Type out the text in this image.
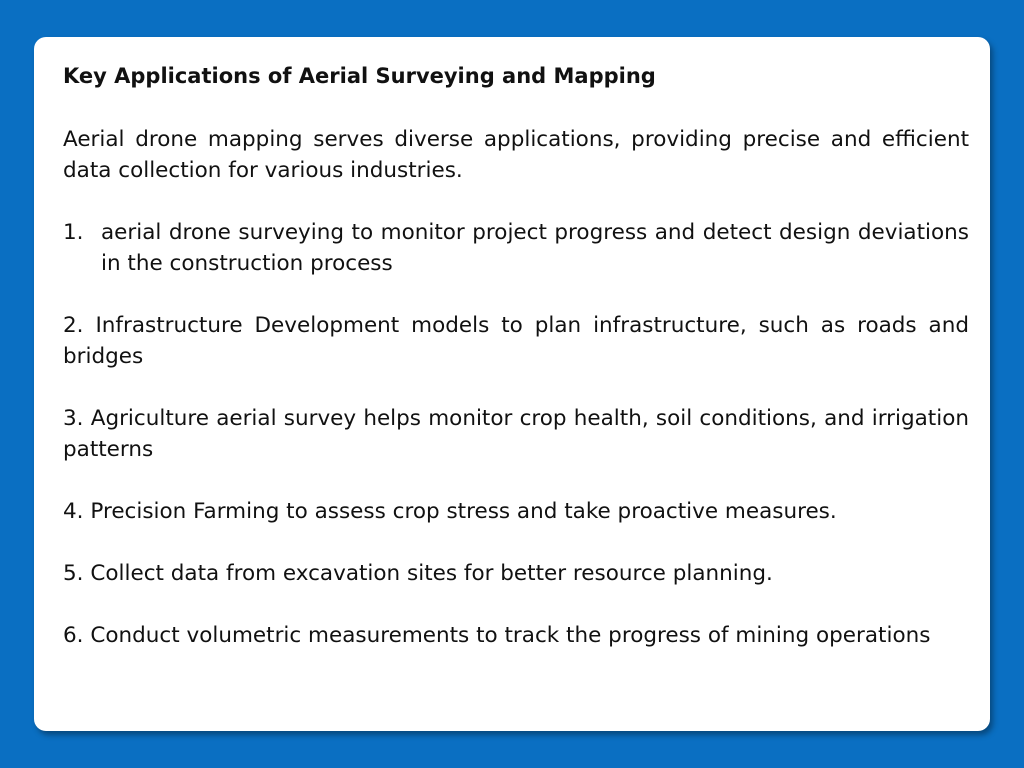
Key Applications of Aerial Surveying and Mapping

Aerial drone mapping serves diverse applications, providing precise and efficient data collection for various industries.

1. aerial drone surveying to monitor project progress and detect design deviations in the construction process

2. Infrastructure Development models to plan infrastructure, such as roads and bridges

3. Agriculture aerial survey helps monitor crop health, soil conditions, and irrigation patterns

4. Precision Farming to assess crop stress and take proactive measures.

5. Collect data from excavation sites for better resource planning.

6. Conduct volumetric measurements to track the progress of mining operations
